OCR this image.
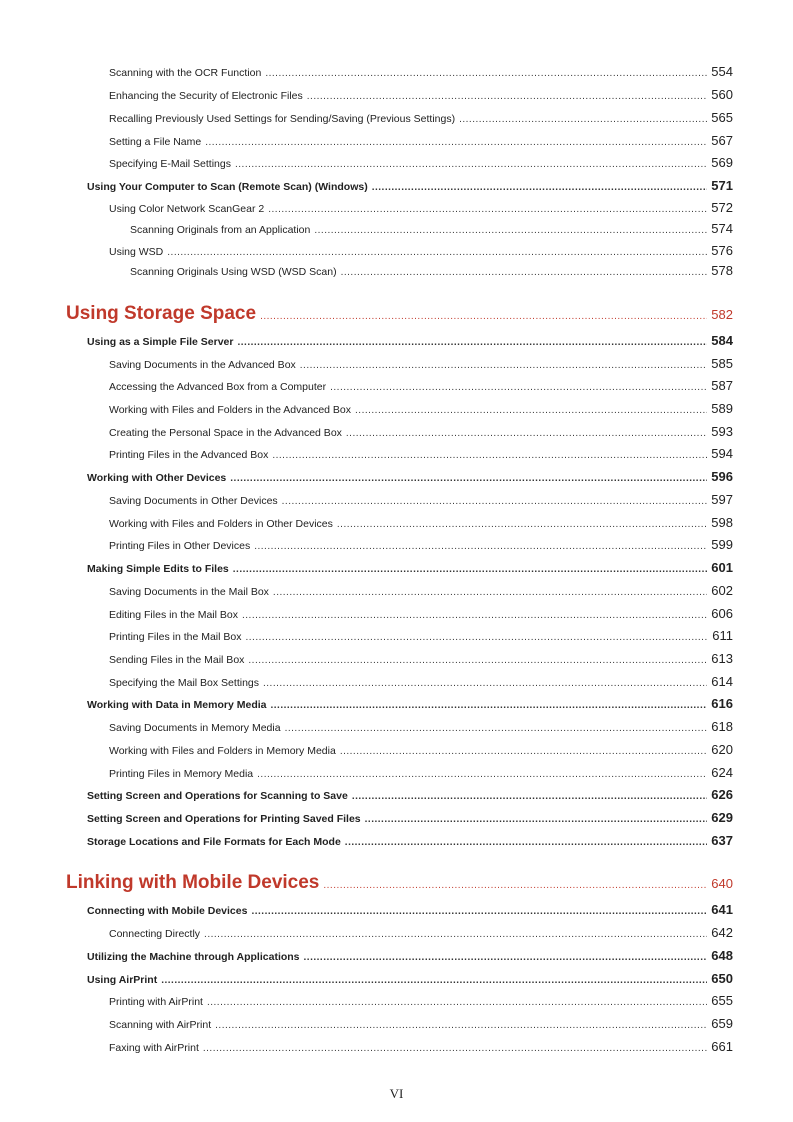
Scanning with the OCR Function .....	554
Enhancing the Security of Electronic Files .....	560
Recalling Previously Used Settings for Sending/Saving (Previous Settings) .....	565
Setting a File Name .....	567
Specifying E-Mail Settings .....	569
Using Your Computer to Scan (Remote Scan) (Windows) .....	571
Using Color Network ScanGear 2 .....	572
Scanning Originals from an Application .....	574
Using WSD .....	576
Scanning Originals Using WSD (WSD Scan) .....	578
Using Storage Space .....	582
Using as a Simple File Server .....	584
Saving Documents in the Advanced Box .....	585
Accessing the Advanced Box from a Computer .....	587
Working with Files and Folders in the Advanced Box .....	589
Creating the Personal Space in the Advanced Box .....	593
Printing Files in the Advanced Box .....	594
Working with Other Devices .....	596
Saving Documents in Other Devices .....	597
Working with Files and Folders in Other Devices .....	598
Printing Files in Other Devices .....	599
Making Simple Edits to Files .....	601
Saving Documents in the Mail Box .....	602
Editing Files in the Mail Box .....	606
Printing Files in the Mail Box .....	611
Sending Files in the Mail Box .....	613
Specifying the Mail Box Settings .....	614
Working with Data in Memory Media .....	616
Saving Documents in Memory Media .....	618
Working with Files and Folders in Memory Media .....	620
Printing Files in Memory Media .....	624
Setting Screen and Operations for Scanning to Save .....	626
Setting Screen and Operations for Printing Saved Files .....	629
Storage Locations and File Formats for Each Mode .....	637
Linking with Mobile Devices .....	640
Connecting with Mobile Devices .....	641
Connecting Directly .....	642
Utilizing the Machine through Applications .....	648
Using AirPrint .....	650
Printing with AirPrint .....	655
Scanning with AirPrint .....	659
Faxing with AirPrint .....	661
VI
